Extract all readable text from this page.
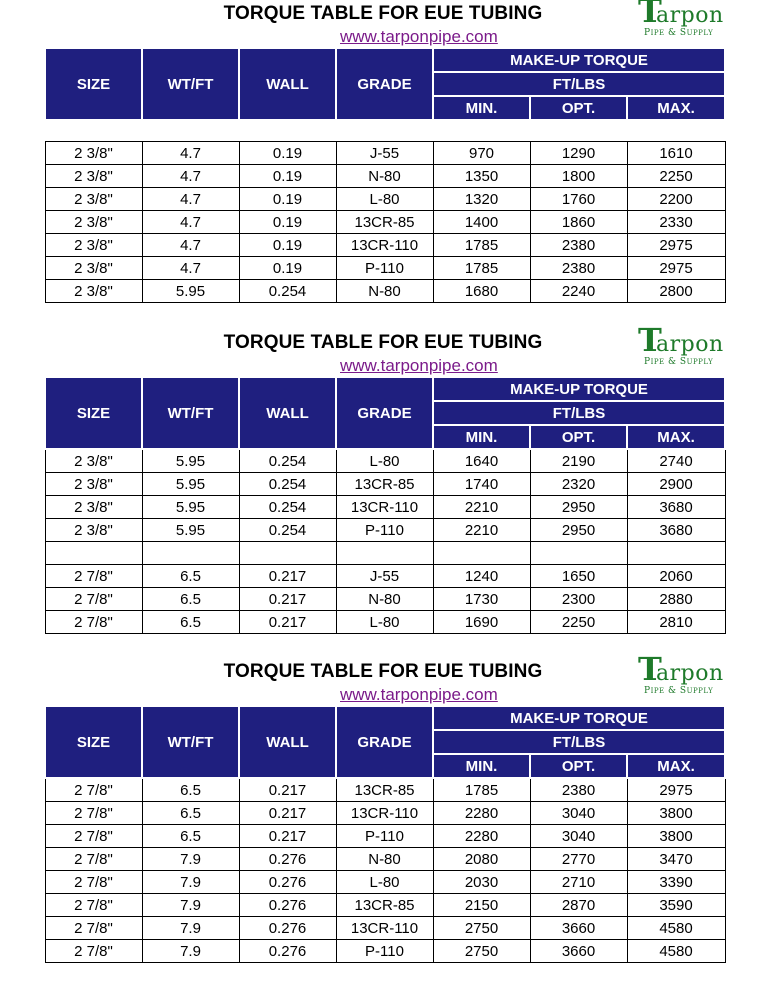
TORQUE TABLE FOR EUE TUBING
www.tarponpipe.com
T
arpon
PIPE & SUPPLY
SIZE	WT/FT	WALL	GRADE	MAKE-UP TORQUE		
				FT/LBS		
				MIN.	OPT.	MAX.

2 3/8"	4.7	0.19	J-55	970	1290	1610
2 3/8"	4.7	0.19	N-80	1350	1800	2250
2 3/8"	4.7	0.19	L-80	1320	1760	2200
2 3/8"	4.7	0.19	13CR-85	1400	1860	2330
2 3/8"	4.7	0.19	13CR-110	1785	2380	2975
2 3/8"	4.7	0.19	P-110	1785	2380	2975
2 3/8"	5.95	0.254	N-80	1680	2240	2800
TORQUE TABLE FOR EUE TUBING
www.tarponpipe.com
T
arpon
PIPE & SUPPLY
SIZE	WT/FT	WALL	GRADE	MAKE-UP TORQUE		
				FT/LBS		
				MIN.	OPT.	MAX.
2 3/8"	5.95	0.254	L-80	1640	2190	2740
2 3/8"	5.95	0.254	13CR-85	1740	2320	2900
2 3/8"	5.95	0.254	13CR-110	2210	2950	3680
2 3/8"	5.95	0.254	P-110	2210	2950	3680

2 7/8"	6.5	0.217	J-55	1240	1650	2060
2 7/8"	6.5	0.217	N-80	1730	2300	2880
2 7/8"	6.5	0.217	L-80	1690	2250	2810
TORQUE TABLE FOR EUE TUBING
www.tarponpipe.com
T
arpon
PIPE & SUPPLY
SIZE	WT/FT	WALL	GRADE	MAKE-UP TORQUE		
				FT/LBS		
				MIN.	OPT.	MAX.
2 7/8"	6.5	0.217	13CR-85	1785	2380	2975
2 7/8"	6.5	0.217	13CR-110	2280	3040	3800
2 7/8"	6.5	0.217	P-110	2280	3040	3800
2 7/8"	7.9	0.276	N-80	2080	2770	3470
2 7/8"	7.9	0.276	L-80	2030	2710	3390
2 7/8"	7.9	0.276	13CR-85	2150	2870	3590
2 7/8"	7.9	0.276	13CR-110	2750	3660	4580
2 7/8"	7.9	0.276	P-110	2750	3660	4580
